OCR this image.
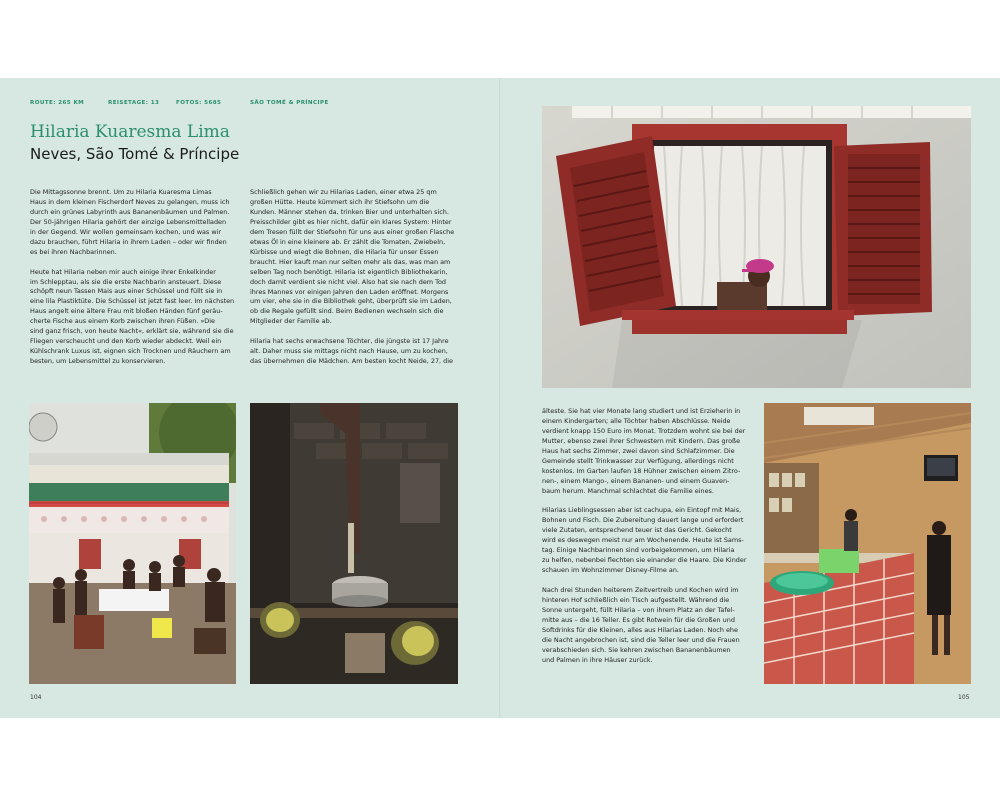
ROUTE: 265 KM	REISETAGE: 13	FOTOS: 5685	SÃO TOMÉ & PRÍNCIPE
Hilaria Kuaresma Lima
Neves, São Tomé & Príncipe

Die Mittagssonne brennt. Um zu Hilaria Kuaresma Limas
Haus in dem kleinen Fischerdorf Neves zu gelangen, muss ich
durch ein grünes Labyrinth aus Bananenbäumen und Palmen.
Der 50-jährigen Hilaria gehört der einzige Lebensmittelladen
in der Gegend. Wir wollen gemeinsam kochen, und was wir
dazu brauchen, führt Hilaria in ihrem Laden – oder wir finden
es bei ihren Nachbarinnen.

Heute hat Hilaria neben mir auch einige ihrer Enkelkinder
im Schlepptau, als sie die erste Nachbarin ansteuert. Diese
schöpft neun Tassen Mais aus einer Schüssel und füllt sie in
eine lila Plastiktüte. Die Schüssel ist jetzt fast leer. Im nächsten
Haus angelt eine ältere Frau mit bloßen Händen fünf geräu-
cherte Fische aus einem Korb zwischen ihren Füßen. »Die
sind ganz frisch, von heute Nacht«, erklärt sie, während sie die
Fliegen verscheucht und den Korb wieder abdeckt. Weil ein
Kühlschrank Luxus ist, eignen sich Trocknen und Räuchern am
besten, um Lebensmittel zu konservieren.

Schließlich gehen wir zu Hilarias Laden, einer etwa 25 qm
großen Hütte. Heute kümmert sich ihr Stiefsohn um die
Kunden. Männer stehen da, trinken Bier und unterhalten sich.
Preisschilder gibt es hier nicht, dafür ein klares System: Hinter
dem Tresen füllt der Stiefsohn für uns aus einer großen Flasche
etwas Öl in eine kleinere ab. Er zählt die Tomaten, Zwiebeln,
Kürbisse und wiegt die Bohnen, die Hilaria für unser Essen
braucht. Hier kauft man nur selten mehr als das, was man am
selben Tag noch benötigt. Hilaria ist eigentlich Bibliothekarin,
doch damit verdient sie nicht viel. Also hat sie nach dem Tod
ihres Mannes vor einigen Jahren den Laden eröffnet. Morgens
um vier, ehe sie in die Bibliothek geht, überprüft sie im Laden,
ob die Regale gefüllt sind. Beim Bedienen wechseln sich die
Mitglieder der Familie ab.

Hilaria hat sechs erwachsene Töchter, die jüngste ist 17 Jahre
alt. Daher muss sie mittags nicht nach Hause, um zu kochen,
das übernehmen die Mädchen. Am besten kocht Neide, 27, die

älteste. Sie hat vier Monate lang studiert und ist Erzieherin in
einem Kindergarten; alle Töchter haben Abschlüsse. Neide
verdient knapp 150 Euro im Monat. Trotzdem wohnt sie bei der
Mutter, ebenso zwei ihrer Schwestern mit Kindern. Das große
Haus hat sechs Zimmer, zwei davon sind Schlafzimmer. Die
Gemeinde stellt Trinkwasser zur Verfügung, allerdings nicht
kostenlos. Im Garten laufen 18 Hühner zwischen einem Zitro-
nen-, einem Mango-, einem Bananen- und einem Guaven-
baum herum. Manchmal schlachtet die Familie eines.

Hilarias Lieblingsessen aber ist cachupa, ein Eintopf mit Mais,
Bohnen und Fisch. Die Zubereitung dauert lange und erfordert
viele Zutaten, entsprechend teuer ist das Gericht. Gekocht
wird es deswegen meist nur am Wochenende. Heute ist Sams-
tag. Einige Nachbarinnen sind vorbeigekommen, um Hilaria
zu helfen, nebenbei flechten sie einander die Haare. Die Kinder
schauen im Wohnzimmer Disney-Filme an.

Nach drei Stunden heiterem Zeitvertreib und Kochen wird im
hinteren Hof schließlich ein Tisch aufgestellt. Während die
Sonne untergeht, füllt Hilaria – von ihrem Platz an der Tafel-
mitte aus – die 16 Teller. Es gibt Rotwein für die Großen und
Softdrinks für die Kleinen, alles aus Hilarias Laden. Noch ehe
die Nacht angebrochen ist, sind die Teller leer und die Frauen
verabschieden sich. Sie kehren zwischen Bananenbäumen
und Palmen in ihre Häuser zurück.

104	105
